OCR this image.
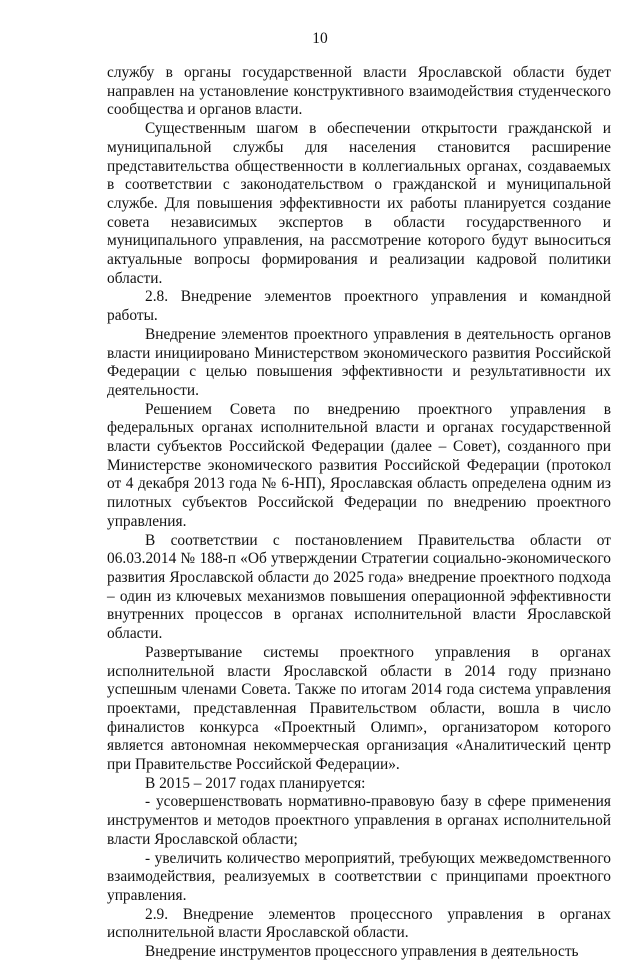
10

службу в органы государственной власти Ярославской области будет направлен на установление конструктивного взаимодействия студенческого сообщества и органов власти.

Существенным шагом в обеспечении открытости гражданской и муниципальной службы для населения становится расширение представительства общественности в коллегиальных органах, создаваемых в соответствии с законодательством о гражданской и муниципальной службе. Для повышения эффективности их работы планируется создание совета независимых экспертов в области государственного и муниципального управления, на рассмотрение которого будут выноситься актуальные вопросы формирования и реализации кадровой политики области.

2.8. Внедрение элементов проектного управления и командной работы.

Внедрение элементов проектного управления в деятельность органов власти инициировано Министерством экономического развития Российской Федерации с целью повышения эффективности и результативности их деятельности.

Решением Совета по внедрению проектного управления в федеральных органах исполнительной власти и органах государственной власти субъектов Российской Федерации (далее – Совет), созданного при Министерстве экономического развития Российской Федерации (протокол от 4 декабря 2013 года № 6-НП), Ярославская область определена одним из пилотных субъектов Российской Федерации по внедрению проектного управления.

В соответствии с постановлением Правительства области от 06.03.2014 № 188-п «Об утверждении Стратегии социально-экономического развития Ярославской области до 2025 года» внедрение проектного подхода – один из ключевых механизмов повышения операционной эффективности внутренних процессов в органах исполнительной власти Ярославской области.

Развертывание системы проектного управления в органах исполнительной власти Ярославской области в 2014 году признано успешным членами Совета. Также по итогам 2014 года система управления проектами, представленная Правительством области, вошла в число финалистов конкурса «Проектный Олимп», организатором которого является автономная некоммерческая организация «Аналитический центр при Правительстве Российской Федерации».

В 2015 – 2017 годах планируется:

- усовершенствовать нормативно-правовую базу в сфере применения инструментов и методов проектного управления в органах исполнительной власти Ярославской области;

- увеличить количество мероприятий, требующих межведомственного взаимодействия, реализуемых в соответствии с принципами проектного управления.

2.9. Внедрение элементов процессного управления в органах исполнительной власти Ярославской области.

Внедрение инструментов процессного управления в деятельность
